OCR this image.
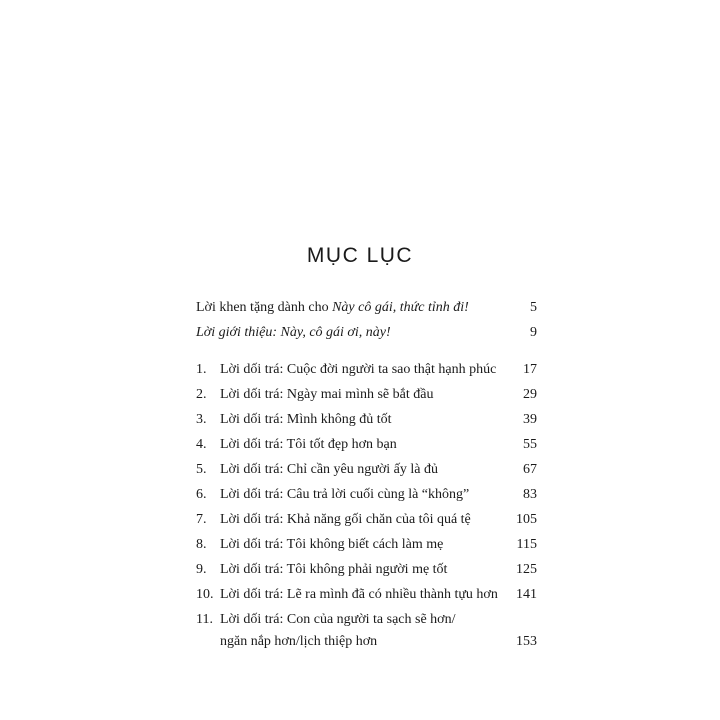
MỤC LỤC
Lời khen tặng dành cho Này cô gái, thức tỉnh đi!	5
Lời giới thiệu: Này, cô gái ơi, này!	9
1. Lời dối trá: Cuộc đời người ta sao thật hạnh phúc 17
2. Lời dối trá: Ngày mai mình sẽ bắt đầu	29
3. Lời dối trá: Mình không đủ tốt	39
4. Lời dối trá: Tôi tốt đẹp hơn bạn	55
5. Lời dối trá: Chỉ cần yêu người ấy là đủ	67
6. Lời dối trá: Câu trả lời cuối cùng là “không”	83
7. Lời dối trá: Khả năng gối chăn của tôi quá tệ	105
8. Lời dối trá: Tôi không biết cách làm mẹ	115
9. Lời dối trá: Tôi không phải người mẹ tốt	125
10. Lời dối trá: Lẽ ra mình đã có nhiều thành tựu hơn 141
11. Lời dối trá: Con của người ta sạch sẽ hơn/
ngăn nắp hơn/lịch thiệp hơn	153
